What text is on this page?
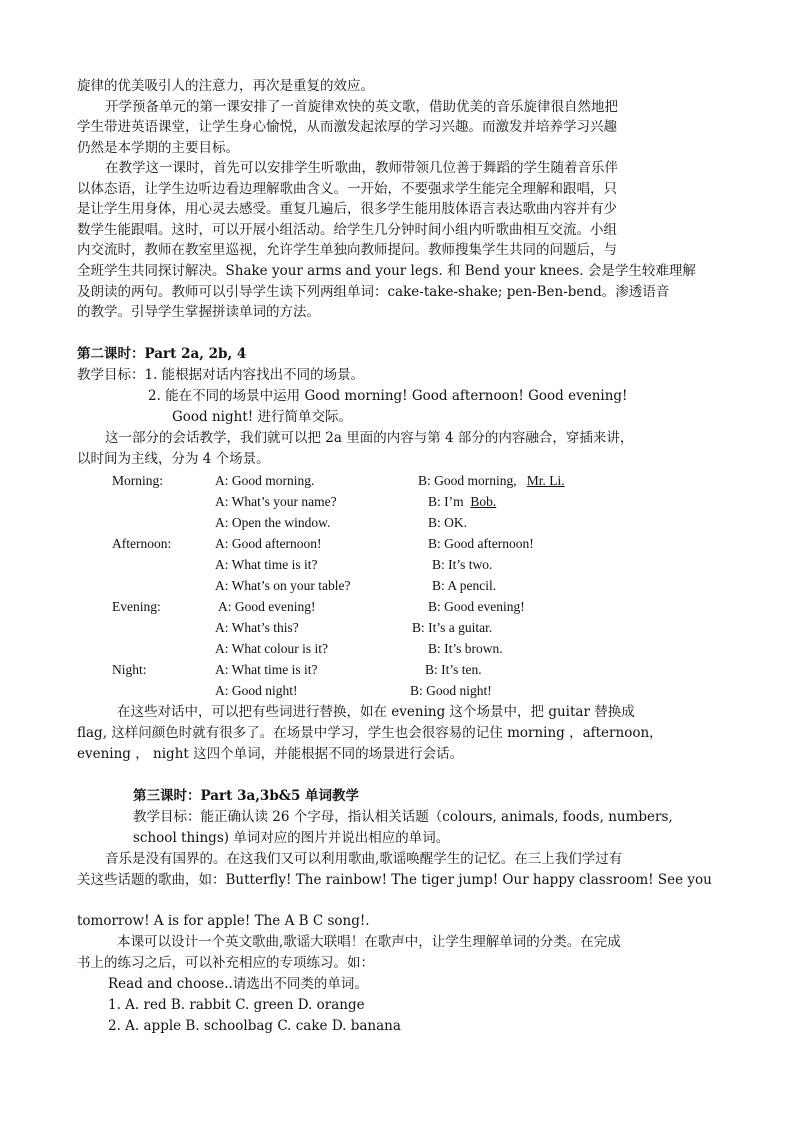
旋律的优美吸引人的注意力，再次是重复的效应。
开学预备单元的第一课安排了一首旋律欢快的英文歌，借助优美的音乐旋律很自然地把
学生带进英语课堂，让学生身心愉悦，从而激发起浓厚的学习兴趣。而激发并培养学习兴趣
仍然是本学期的主要目标。
在教学这一课时，首先可以安排学生听歌曲，教师带领几位善于舞蹈的学生随着音乐伴
以体态语，让学生边听边看边理解歌曲含义。一开始，不要强求学生能完全理解和跟唱，只
是让学生用身体，用心灵去感受。重复几遍后，很多学生能用肢体语言表达歌曲内容并有少
数学生能跟唱。这时，可以开展小组活动。给学生几分钟时间小组内听歌曲相互交流。小组
内交流时，教师在教室里巡视，允许学生单独向教师提问。教师搜集学生共同的问题后，与
全班学生共同探讨解决。Shake your arms and your legs. 和 Bend your knees. 会是学生较难理解
及朗读的两句。教师可以引导学生读下列两组单词：cake-take-shake; pen-Ben-bend。渗透语音
的教学。引导学生掌握拼读单词的方法。
第二课时：Part 2a, 2b, 4
教学目标：1. 能根据对话内容找出不同的场景。
2. 能在不同的场景中运用 Good morning! Good afternoon! Good evening!
Good night! 进行简单交际。
这一部分的会话教学，我们就可以把 2a 里面的内容与第 4 部分的内容融合，穿插来讲，
以时间为主线，分为 4 个场景。
Morning:	A: Good morning.	B: Good morning, Mr. Li.
A: What’s your name?	B: I’m Bob.
A: Open the window.	B: OK.
Afternoon:	A: Good afternoon!	B: Good afternoon!
A: What time is it?	B: It’s two.
A: What’s on your table?	B: A pencil.
Evening:	A: Good evening!	B: Good evening!
A: What’s this?	B: It’s a guitar.
A: What colour is it?	B: It’s brown.
Night:	A: What time is it?	B: It’s ten.
A: Good night!	B: Good night!
在这些对话中，可以把有些词进行替换，如在 evening 这个场景中，把 guitar 替换成
flag, 这样问颜色时就有很多了。在场景中学习，学生也会很容易的记住 morning ，afternoon，
evening ， night 这四个单词，并能根据不同的场景进行会话。
第三课时：Part 3a,3b&5 单词教学
教学目标：能正确认读 26 个字母，指认相关话题（colours, animals, foods, numbers,
school things) 单词对应的图片并说出相应的单词。
音乐是没有国界的。在这我们又可以利用歌曲,歌谣唤醒学生的记忆。在三上我们学过有
关这些话题的歌曲，如：Butterfly! The rainbow! The tiger jump! Our happy classroom! See you
tomorrow! A is for apple! The A B C song!.
本课可以设计一个英文歌曲,歌谣大联唱！在歌声中，让学生理解单词的分类。在完成
书上的练习之后，可以补充相应的专项练习。如：
Read and choose..请选出不同类的单词。
1. A. red B. rabbit C. green D. orange
2. A. apple B. schoolbag C. cake D. banana
